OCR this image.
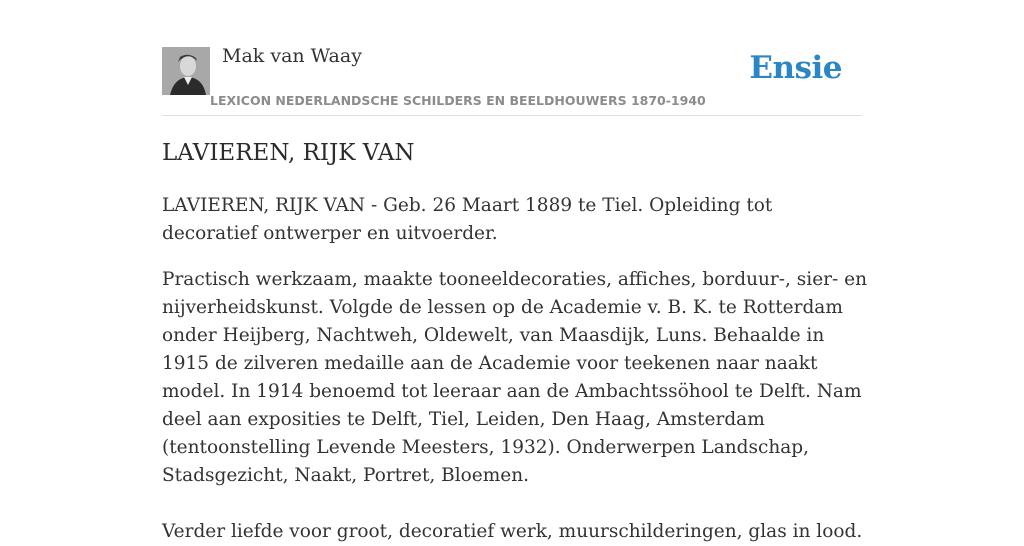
Mak van Waay	Ensie
LEXICON NEDERLANDSCHE SCHILDERS EN BEELDHOUWERS 1870-1940
LAVIEREN, RIJK VAN

LAVIEREN, RIJK VAN - Geb. 26 Maart 1889 te Tiel. Opleiding tot decoratief ontwerper en uitvoerder.

Practisch werkzaam, maakte tooneeldecoraties, affiches, borduur-, sier- en nijverheidskunst. Volgde de lessen op de Academie v. B. K. te Rotterdam onder Heijberg, Nachtweh, Oldewelt, van Maasdijk, Luns. Behaalde in 1915 de zilveren medaille aan de Academie voor teekenen naar naakt model. In 1914 benoemd tot leeraar aan de Ambachtssöhool te Delft. Nam deel aan exposities te Delft, Tiel, Leiden, Den Haag, Amsterdam (tentoonstelling Levende Meesters, 1932). Onderwerpen Landschap, Stadsgezicht, Naakt, Portret, Bloemen.

Verder liefde voor groot, decoratief werk, muurschilderingen, glas in lood.
